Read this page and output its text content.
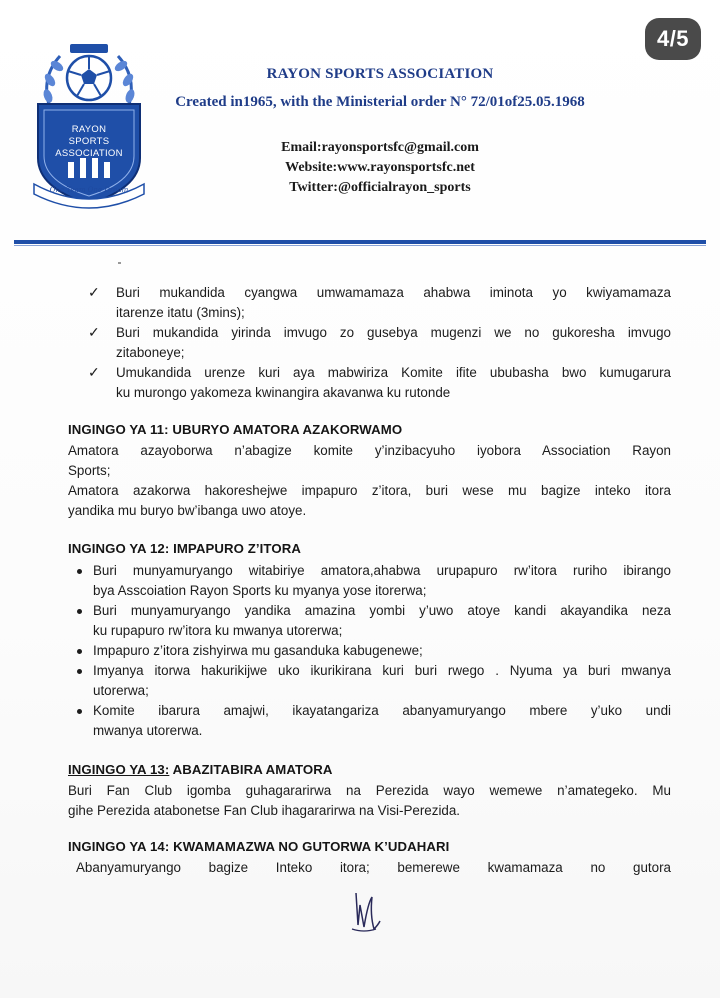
4/5
RAYON
SPORTS
ASSOCIATION
One Team One Dream
RAYON SPORTS ASSOCIATION
Created in1965, with the Ministerial order N° 72/01of25.05.1968
Email:rayonsportsfc@gmail.com
Website:www.rayonsportsfc.net
Twitter:@officialrayon_sports
✓ Buri mukandida cyangwa umwamamaza ahabwa iminota yo kwiyamamaza
itarenze itatu (3mins);
✓ Buri mukandida yirinda imvugo zo gusebya mugenzi we no gukoresha imvugo
zitaboneye;
✓ Umukandida urenze kuri aya mabwiriza Komite ifite ububasha bwo kumugarura
ku murongo yakomeza kwinangira akavanwa ku rutonde
INGINGO YA 11: UBURYO AMATORA AZAKORWAMO
Amatora azayoborwa n’abagize komite y’inzibacyuho iyobora Association Rayon
Sports;
Amatora azakorwa hakoreshejwe impapuro z’itora, buri wese mu bagize inteko itora
yandika mu buryo bw’ibanga uwo atoye.
INGINGO YA 12: IMPAPURO Z’ITORA
Buri munyamuryango witabiriye amatora,ahabwa urupapuro rw’itora ruriho ibirango
bya Asscoiation Rayon Sports ku myanya yose itorerwa;
Buri munyamuryango yandika amazina yombi y’uwo atoye kandi akayandika neza
ku rupapuro rw’itora ku mwanya utorerwa;
Impapuro z’itora zishyirwa mu gasanduka kabugenewe;
Imyanya itorwa hakurikijwe uko ikurikirana kuri buri rwego . Nyuma ya buri mwanya
utorerwa;
Komite ibarura amajwi, ikayatangariza abanyamuryango mbere y’uko undi
mwanya utorerwa.
INGINGO YA 13: ABAZITABIRA AMATORA
Buri Fan Club igomba guhagararirwa na Perezida wayo wemewe n’amategeko. Mu
gihe Perezida atabonetse Fan Club ihagararirwa na Visi-Perezida.
INGINGO YA 14: KWAMAMAZWA NO GUTORWA K’UDAHARI
Abanyamuryango bagize Inteko itora; bemerewe kwamamaza no gutora
